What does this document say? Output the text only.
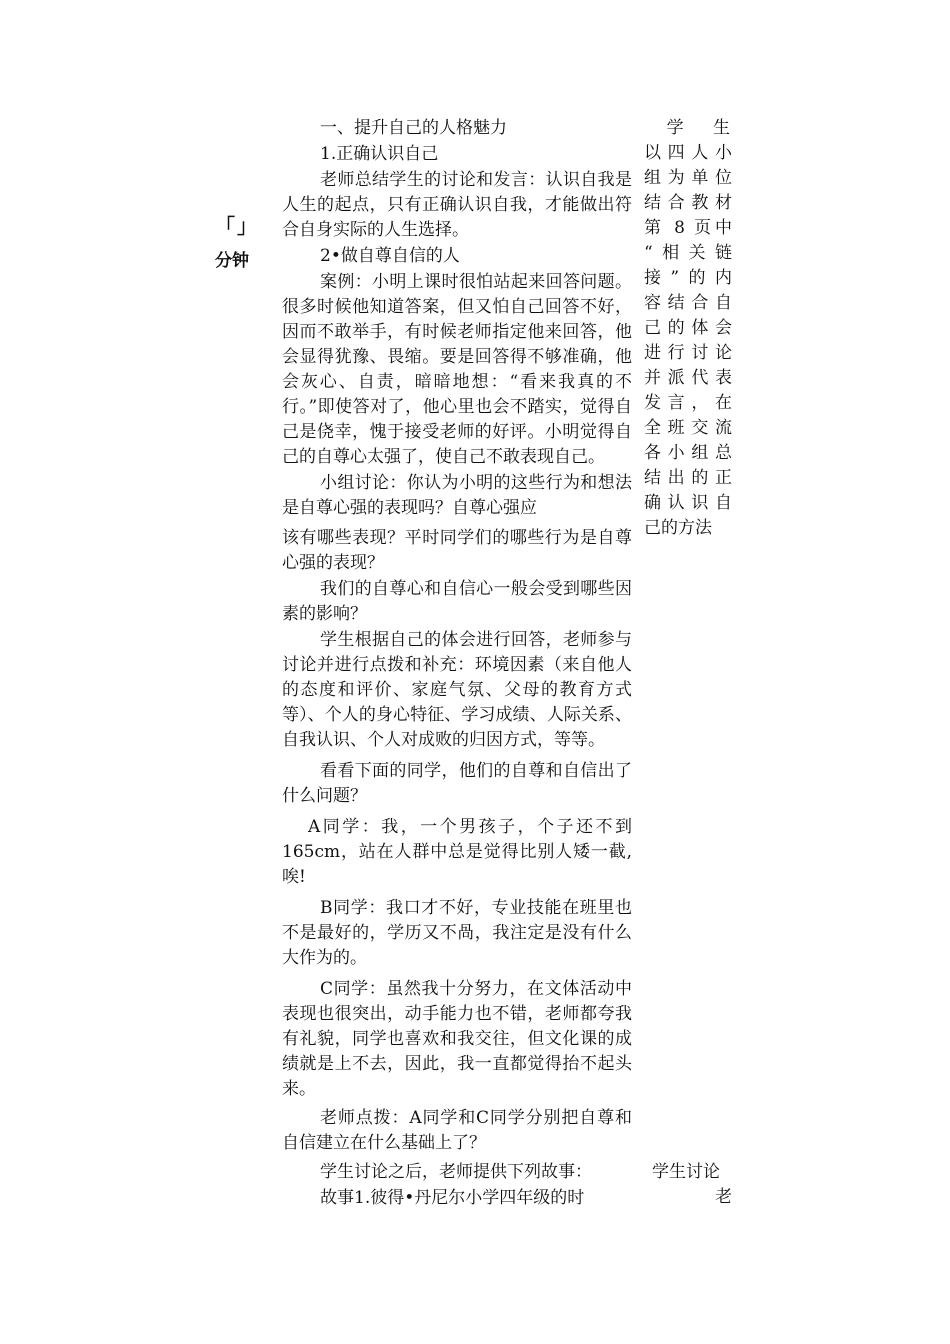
「」
分钟

一、提升自己的人格魅力

1.正确认识自己

老师总结学生的讨论和发言：认识自我是人生的起点，只有正确认识自我，才能做出符合自身实际的人生选择。

2•做自尊自信的人

案例：小明上课时很怕站起来回答问题。很多时候他知道答案，但又怕自己回答不好，因而不敢举手，有时候老师指定他来回答，他会显得犹豫、畏缩。要是回答得不够准确，他会灰心、自责，暗暗地想：“看来我真的不行。”即使答对了，他心里也会不踏实，觉得自己是侥幸，愧于接受老师的好评。小明觉得自己的自尊心太强了，使自己不敢表现自己。

小组讨论：你认为小明的这些行为和想法是自尊心强的表现吗？自尊心强应

该有哪些表现？平时同学们的哪些行为是自尊心强的表现？

我们的自尊心和自信心一般会受到哪些因素的影响？

学生根据自己的体会进行回答，老师参与讨论并进行点拨和补充：环境因素（来自他人的态度和评价、家庭气氛、父母的教育方式等）、个人的身心特征、学习成绩、人际关系、自我认识、个人对成败的归因方式，等等。

看看下面的同学，他们的自尊和自信出了什么问题？

A同学：我，一个男孩子，个子还不到165cm，站在人群中总是觉得比别人矮一截,唉!

B同学：我口才不好，专业技能在班里也不是最好的，学历又不咼，我注定是没有什么大作为的。

C同学：虽然我十分努力，在文体活动中表现也很突出，动手能力也不错，老师都夸我有礼貌，同学也喜欢和我交往，但文化课的成绩就是上不去，因此，我一直都觉得抬不起头来。

老师点拨：A同学和C同学分别把自尊和自信建立在什么基础上了？

学生讨论之后，老师提供下列故事：

故事1.彼得•丹尼尔小学四年级的时

学 生
以四人小
组为单位
结合教材
第 8 页中
“相关链
接”的内
容结合自
己的体会
进行讨论
并派代表
发言，在
全班交流
各小组总
结出的正
确认识自
己的方法
学生讨论
老
